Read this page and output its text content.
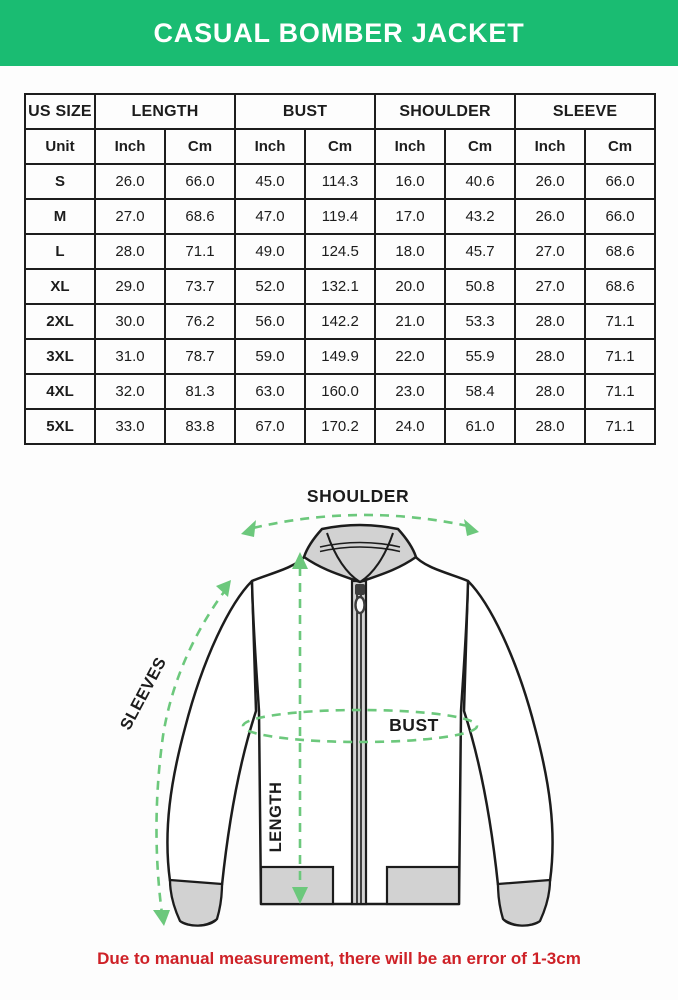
CASUAL BOMBER JACKET
US SIZE	LENGTH		BUST		SHOULDER		SLEEVE	
Unit	Inch	Cm	Inch	Cm	Inch	Cm	Inch	Cm
S	26.0	66.0	45.0	114.3	16.0	40.6	26.0	66.0
M	27.0	68.6	47.0	119.4	17.0	43.2	26.0	66.0
L	28.0	71.1	49.0	124.5	18.0	45.7	27.0	68.6
XL	29.0	73.7	52.0	132.1	20.0	50.8	27.0	68.6
2XL	30.0	76.2	56.0	142.2	21.0	53.3	28.0	71.1
3XL	31.0	78.7	59.0	149.9	22.0	55.9	28.0	71.1
4XL	32.0	81.3	63.0	160.0	23.0	58.4	28.0	71.1
5XL	33.0	83.8	67.0	170.2	24.0	61.0	28.0	71.1
SHOULDER
SLEEVES	BUST
LENGTH
Due to manual measurement, there will be an error of 1-3cm
